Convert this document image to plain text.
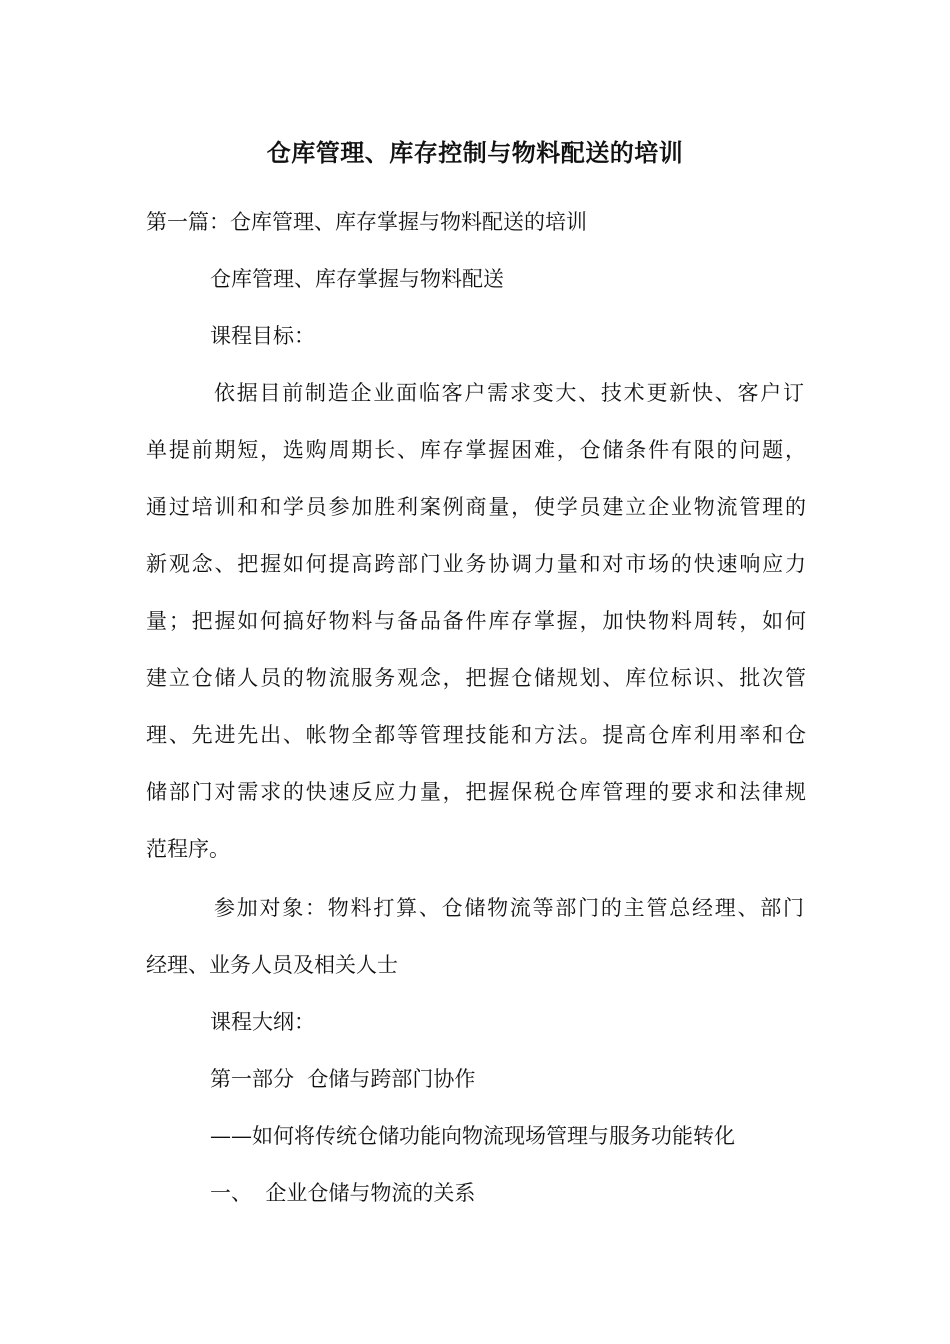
仓库管理、库存控制与物料配送的培训
第一篇：仓库管理、库存掌握与物料配送的培训
仓库管理、库存掌握与物料配送
课程目标：
依据目前制造企业面临客户需求变大、技术更新快、客户订
单提前期短，选购周期长、库存掌握困难，仓储条件有限的问题，
通过培训和和学员参加胜利案例商量，使学员建立企业物流管理的
新观念、把握如何提高跨部门业务协调力量和对市场的快速响应力
量；把握如何搞好物料与备品备件库存掌握，加快物料周转，如何
建立仓储人员的物流服务观念，把握仓储规划、库位标识、批次管
理、先进先出、帐物全都等管理技能和方法。提高仓库利用率和仓
储部门对需求的快速反应力量，把握保税仓库管理的要求和法律规
范程序。
参加对象：物料打算、仓储物流等部门的主管总经理、部门
经理、业务人员及相关人士
课程大纲：
第一部分  仓储与跨部门协作
——如何将传统仓储功能向物流现场管理与服务功能转化
一、  企业仓储与物流的关系
